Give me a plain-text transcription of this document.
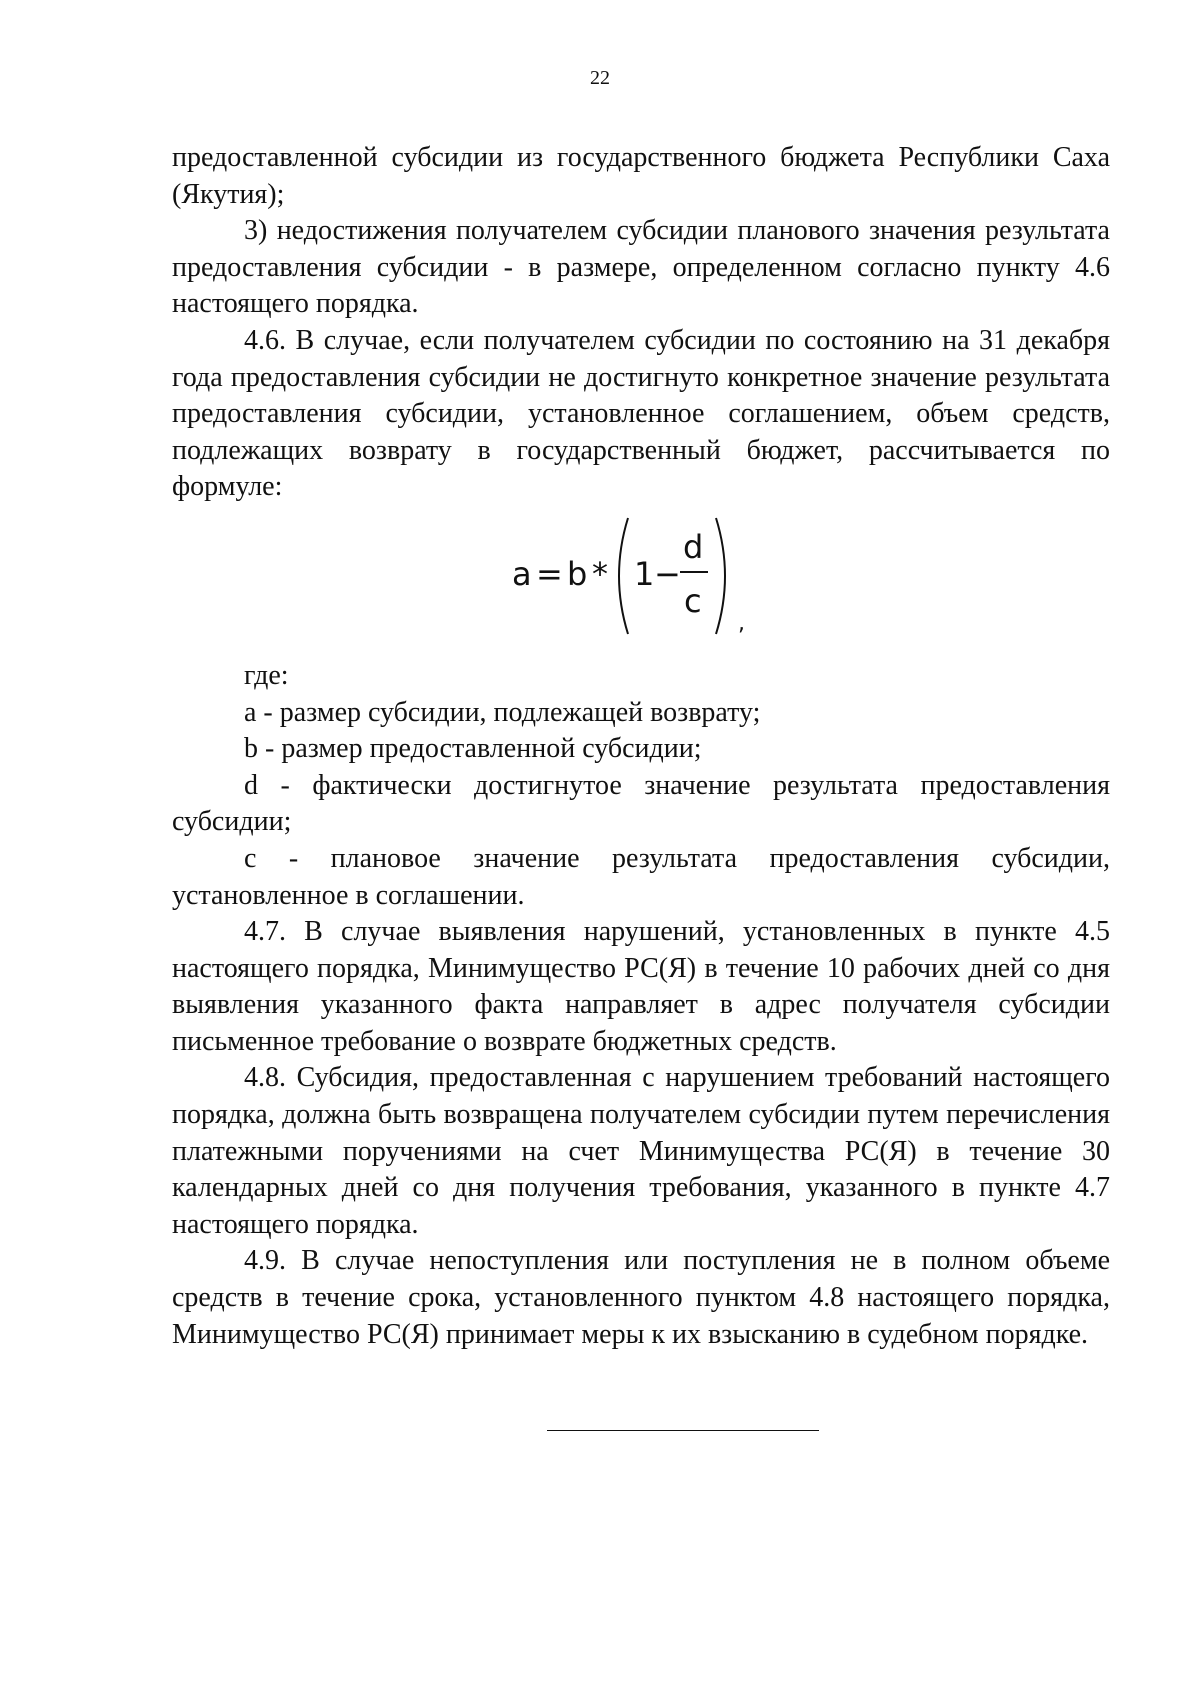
22

предоставленной субсидии из государственного бюджета Республики Саха (Якутия);

3) недостижения получателем субсидии планового значения результата предоставления субсидии - в размере, определенном согласно пункту 4.6 настоящего порядка.

4.6. В случае, если получателем субсидии по состоянию на 31 декабря года предоставления субсидии не достигнуто конкретное значение результата предоставления субсидии, установленное соглашением, объем средств, подлежащих возврату в государственный бюджет, рассчитывается по формуле:

a = b * 1 −
d
c
,

где:

a - размер субсидии, подлежащей возврату;

b - размер предоставленной субсидии;

d - фактически достигнутое значение результата предоставления субсидии;

c - плановое значение результата предоставления субсидии, установленное в соглашении.

4.7. В случае выявления нарушений, установленных в пункте 4.5 настоящего порядка, Минимущество РС(Я) в течение 10 рабочих дней со дня выявления указанного факта направляет в адрес получателя субсидии письменное требование о возврате бюджетных средств.

4.8. Субсидия, предоставленная с нарушением требований настоящего порядка, должна быть возвращена получателем субсидии путем перечисления платежными поручениями на счет Минимущества РС(Я) в течение 30 календарных дней со дня получения требования, указанного в пункте 4.7 настоящего порядка.

4.9. В случае непоступления или поступления не в полном объеме средств в течение срока, установленного пунктом 4.8 настоящего порядка, Минимущество РС(Я) принимает меры к их взысканию в судебном порядке.
